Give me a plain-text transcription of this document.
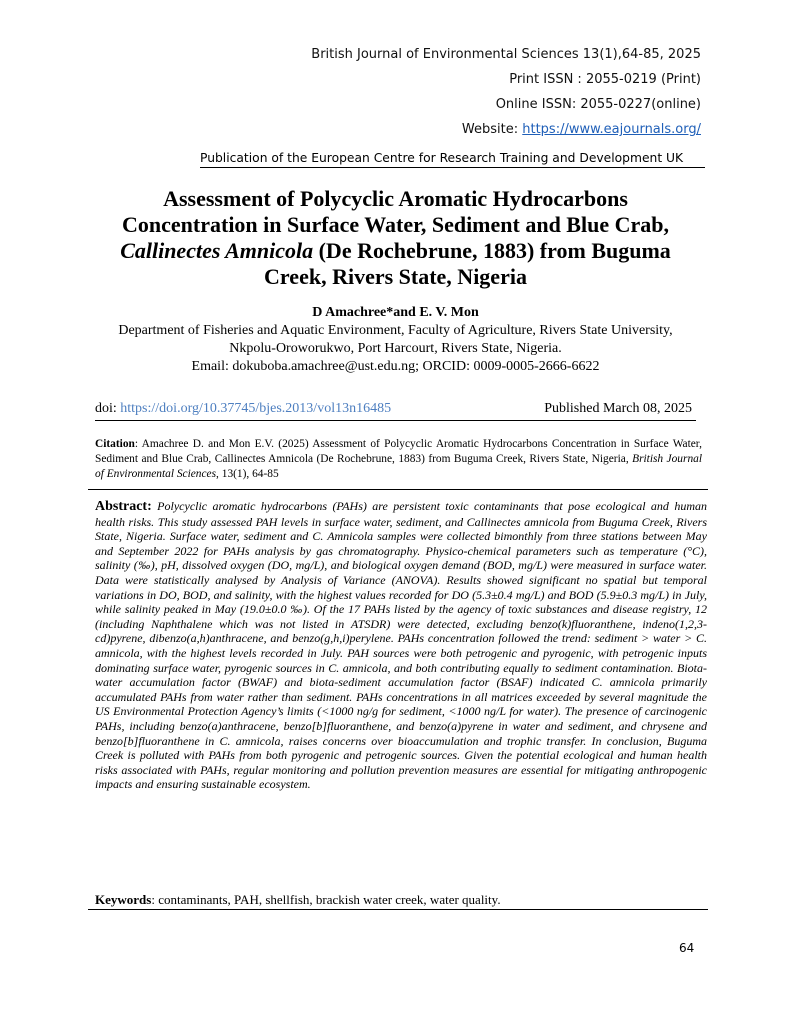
British Journal of Environmental Sciences 13(1),64-85, 2025
Print ISSN : 2055-0219 (Print)
Online ISSN: 2055-0227(online)
Website: https://www.eajournals.org/
Publication of the European Centre for Research Training and Development UK
Assessment of Polycyclic Aromatic Hydrocarbons Concentration in Surface Water, Sediment and Blue Crab, Callinectes Amnicola (De Rochebrune, 1883) from Buguma Creek, Rivers State, Nigeria
D Amachree*and E. V. Mon
Department of Fisheries and Aquatic Environment, Faculty of Agriculture, Rivers State University, Nkpolu-Oroworukwo, Port Harcourt, Rivers State, Nigeria.
Email: dokuboba.amachree@ust.edu.ng; ORCID: 0009-0005-2666-6622
doi: https://doi.org/10.37745/bjes.2013/vol13n16485	Published March 08, 2025
Citation: Amachree D. and Mon E.V. (2025) Assessment of Polycyclic Aromatic Hydrocarbons Concentration in Surface Water, Sediment and Blue Crab, Callinectes Amnicola (De Rochebrune, 1883) from Buguma Creek, Rivers State, Nigeria, British Journal of Environmental Sciences, 13(1), 64-85
Abstract: Polycyclic aromatic hydrocarbons (PAHs) are persistent toxic contaminants that pose ecological and human health risks. This study assessed PAH levels in surface water, sediment, and Callinectes amnicola from Buguma Creek, Rivers State, Nigeria. Surface water, sediment and C. Amnicola samples were collected bimonthly from three stations between May and September 2022 for PAHs analysis by gas chromatography. Physico-chemical parameters such as temperature (°C), salinity (‰), pH, dissolved oxygen (DO, mg/L), and biological oxygen demand (BOD, mg/L) were measured in surface water. Data were statistically analysed by Analysis of Variance (ANOVA). Results showed significant no spatial but temporal variations in DO, BOD, and salinity, with the highest values recorded for DO (5.3±0.4 mg/L) and BOD (5.9±0.3 mg/L) in July, while salinity peaked in May (19.0±0.0 ‰). Of the 17 PAHs listed by the agency of toxic substances and disease registry, 12 (including Naphthalene which was not listed in ATSDR) were detected, excluding benzo(k)fluoranthene, indeno(1,2,3-cd)pyrene, dibenzo(a,h)anthracene, and benzo(g,h,i)perylene. PAHs concentration followed the trend: sediment > water > C. amnicola, with the highest levels recorded in July. PAH sources were both petrogenic and pyrogenic, with petrogenic inputs dominating surface water, pyrogenic sources in C. amnicola, and both contributing equally to sediment contamination. Biota-water accumulation factor (BWAF) and biota-sediment accumulation factor (BSAF) indicated C. amnicola primarily accumulated PAHs from water rather than sediment. PAHs concentrations in all matrices exceeded by several magnitude the US Environmental Protection Agency’s limits (<1000 ng/g for sediment, <1000 ng/L for water). The presence of carcinogenic PAHs, including benzo(a)anthracene, benzo[b]fluoranthene, and benzo(a)pyrene in water and sediment, and chrysene and benzo[b]fluoranthene in C. amnicola, raises concerns over bioaccumulation and trophic transfer. In conclusion, Buguma Creek is polluted with PAHs from both pyrogenic and petrogenic sources. Given the potential ecological and human health risks associated with PAHs, regular monitoring and pollution prevention measures are essential for mitigating anthropogenic impacts and ensuring sustainable ecosystem.
Keywords: contaminants, PAH, shellfish, brackish water creek, water quality.
64
